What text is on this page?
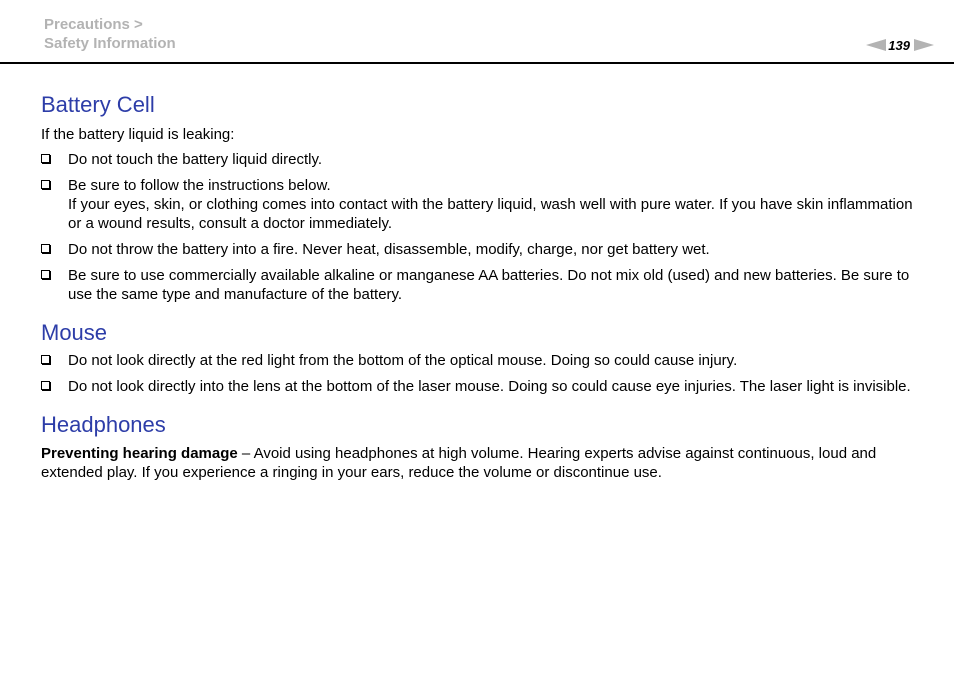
Precautions >
Safety Information	139
Battery Cell

If the battery liquid is leaking:

Do not touch the battery liquid directly.
Be sure to follow the instructions below.
If your eyes, skin, or clothing comes into contact with the battery liquid, wash well with pure water. If you have skin inflammation or a wound results, consult a doctor immediately.
Do not throw the battery into a fire. Never heat, disassemble, modify, charge, nor get battery wet.
Be sure to use commercially available alkaline or manganese AA batteries. Do not mix old (used) and new batteries. Be sure to use the same type and manufacture of the battery.
Mouse
Do not look directly at the red light from the bottom of the optical mouse. Doing so could cause injury.
Do not look directly into the lens at the bottom of the laser mouse. Doing so could cause eye injuries. The laser light is invisible.
Headphones

Preventing hearing damage – Avoid using headphones at high volume. Hearing experts advise against continuous, loud and extended play. If you experience a ringing in your ears, reduce the volume or discontinue use.
